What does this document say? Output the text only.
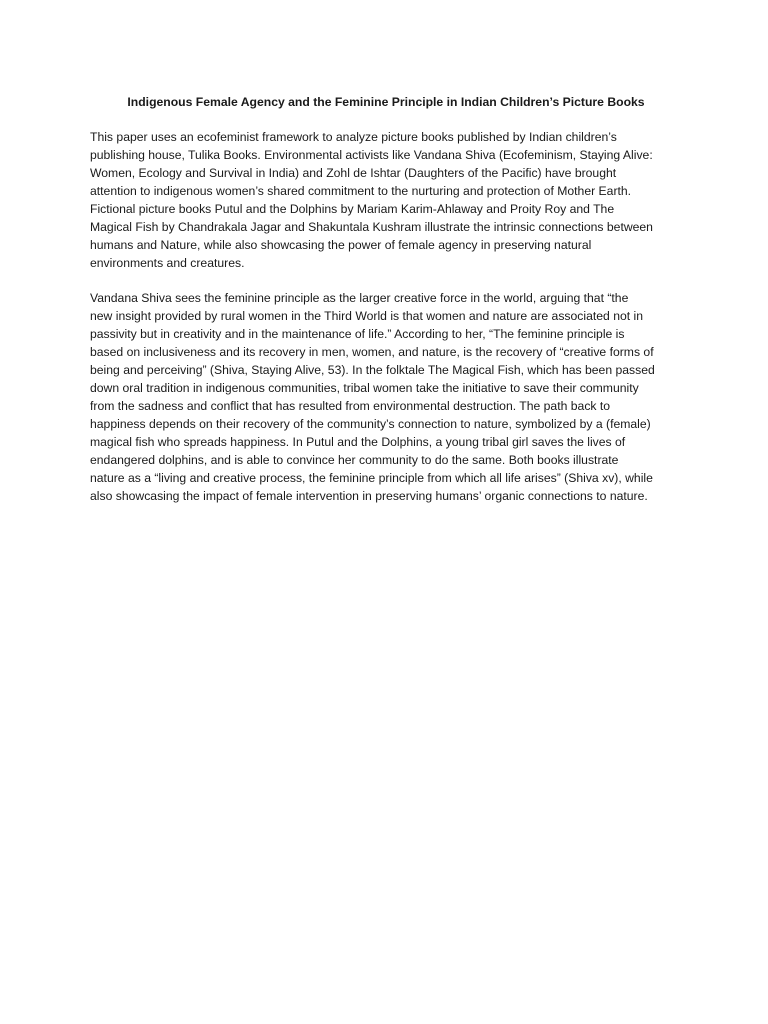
Indigenous Female Agency and the Feminine Principle in Indian Children’s Picture Books
This paper uses an ecofeminist framework to analyze picture books published by Indian children’s
publishing house, Tulika Books. Environmental activists like Vandana Shiva (Ecofeminism, Staying Alive:
Women, Ecology and Survival in India) and Zohl de Ishtar (Daughters of the Pacific) have brought
attention to indigenous women’s shared commitment to the nurturing and protection of Mother Earth.
Fictional picture books Putul and the Dolphins by Mariam Karim-Ahlaway and Proity Roy and The
Magical Fish by Chandrakala Jagar and Shakuntala Kushram illustrate the intrinsic connections between
humans and Nature, while also showcasing the power of female agency in preserving natural
environments and creatures.
Vandana Shiva sees the feminine principle as the larger creative force in the world, arguing that “the
new insight provided by rural women in the Third World is that women and nature are associated not in
passivity but in creativity and in the maintenance of life.” According to her, “The feminine principle is
based on inclusiveness and its recovery in men, women, and nature, is the recovery of “creative forms of
being and perceiving” (Shiva, Staying Alive, 53). In the folktale The Magical Fish, which has been passed
down oral tradition in indigenous communities, tribal women take the initiative to save their community
from the sadness and conflict that has resulted from environmental destruction. The path back to
happiness depends on their recovery of the community’s connection to nature, symbolized by a (female)
magical fish who spreads happiness. In Putul and the Dolphins, a young tribal girl saves the lives of
endangered dolphins, and is able to convince her community to do the same. Both books illustrate
nature as a “living and creative process, the feminine principle from which all life arises” (Shiva xv), while
also showcasing the impact of female intervention in preserving humans’ organic connections to nature.
